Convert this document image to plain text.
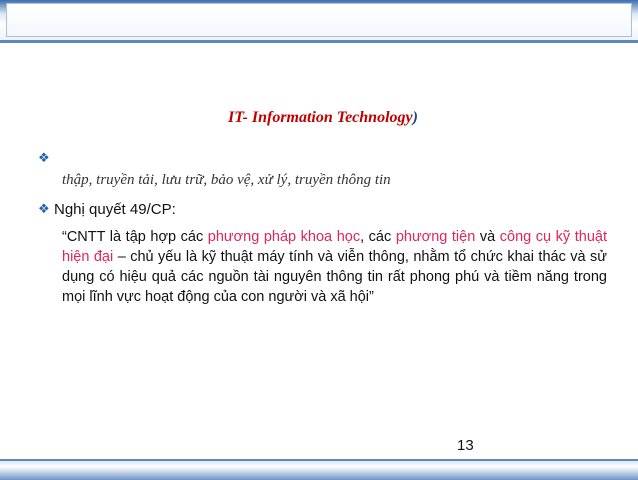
IT- Information Technology)
❖
thập, truyền tải, lưu trữ, bảo vệ, xử lý, truyền thông tin
❖ Nghị quyết 49/CP:
“CNTT là tập hợp các phương pháp khoa học, các phương tiện và công cụ kỹ thuật hiện đại – chủ yếu là kỹ thuật máy tính và viễn thông, nhằm tổ chức khai thác và sử dụng có hiệu quả các nguồn tài nguyên thông tin rất phong phú và tiềm năng trong mọi lĩnh vực hoạt động của con người và xã hội”
13
